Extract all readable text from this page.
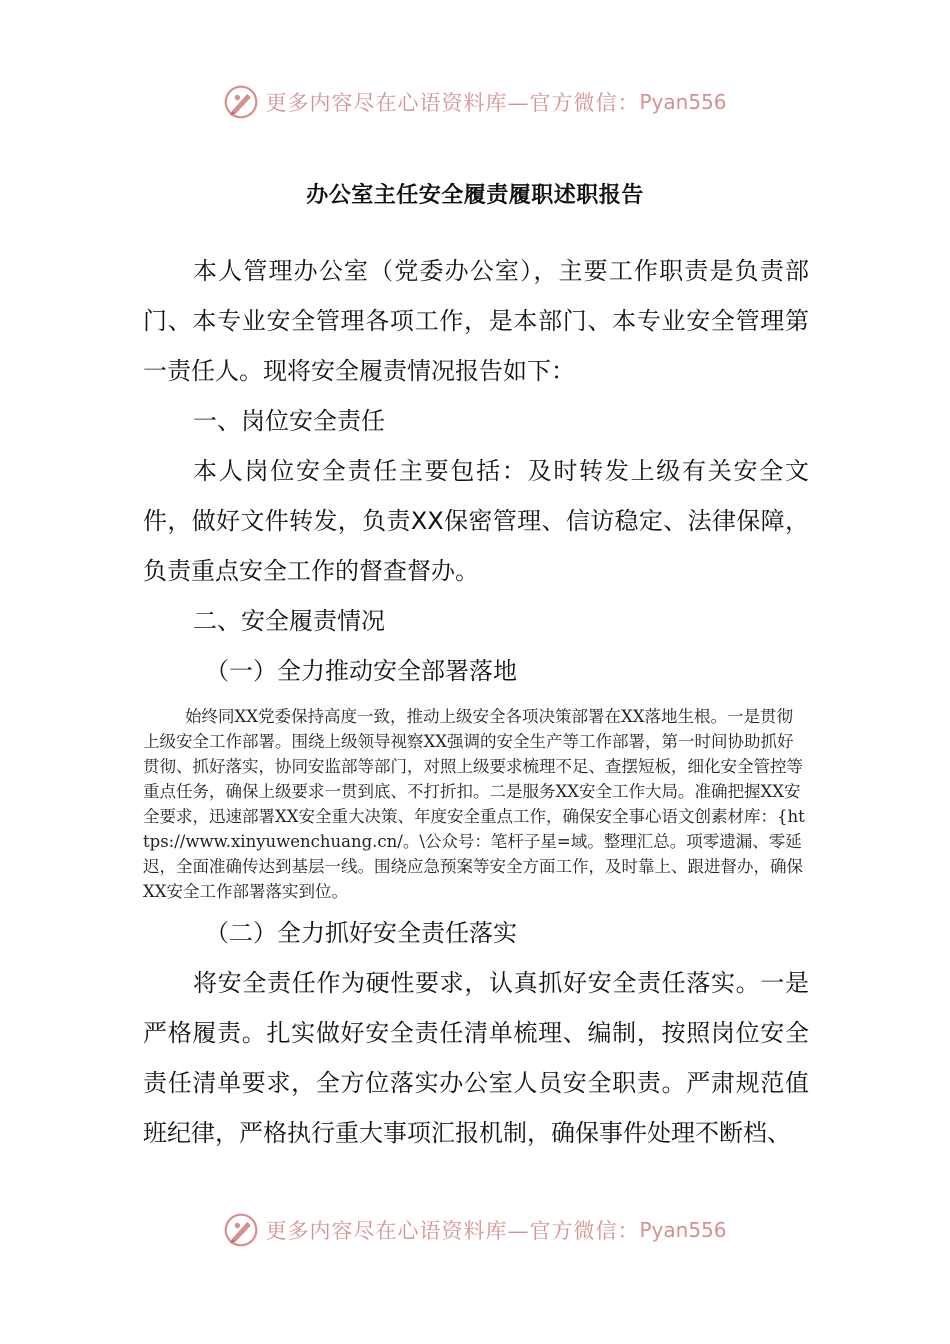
更多内容尽在心语资料库—官方微信： Pyan556
办公室主任安全履责履职述职报告

本人管理办公室（党委办公室），主要工作职责是负责部门、本专业安全管理各项工作，是本部门、本专业安全管理第一责任人。现将安全履责情况报告如下：

一、岗位安全责任

本人岗位安全责任主要包括：及时转发上级有关安全文件，做好文件转发，负责XX保密管理、信访稳定、法律保障，负责重点安全工作的督查督办。

二、安全履责情况

（一）全力推动安全部署落地

始终同XX党委保持高度一致，推动上级安全各项决策部署在XX落地生根。一是贯彻上级安全工作部署。围绕上级领导视察XX强调的安全生产等工作部署，第一时间协助抓好贯彻、抓好落实，协同安监部等部门，对照上级要求梳理不足、查摆短板，细化安全管控等重点任务，确保上级要求一贯到底、不打折扣。二是服务XX安全工作大局。准确把握XX安全要求，迅速部署XX安全重大决策、年度安全重点工作，确保安全事心语文创素材库：{https://www.xinyuwenchuang.cn/。\公众号：笔杆子星=域。整理汇总。项零遗漏、零延迟，全面准确传达到基层一线。围绕应急预案等安全方面工作，及时靠上、跟进督办，确保XX安全工作部署落实到位。

（二）全力抓好安全责任落实

将安全责任作为硬性要求，认真抓好安全责任落实。一是严格履责。扎实做好安全责任清单梳理、编制，按照岗位安全责任清单要求，全方位落实办公室人员安全职责。严肃规范值班纪律，严格执行重大事项汇报机制，确保事件处理不断档、

更多内容尽在心语资料库—官方微信： Pyan556
